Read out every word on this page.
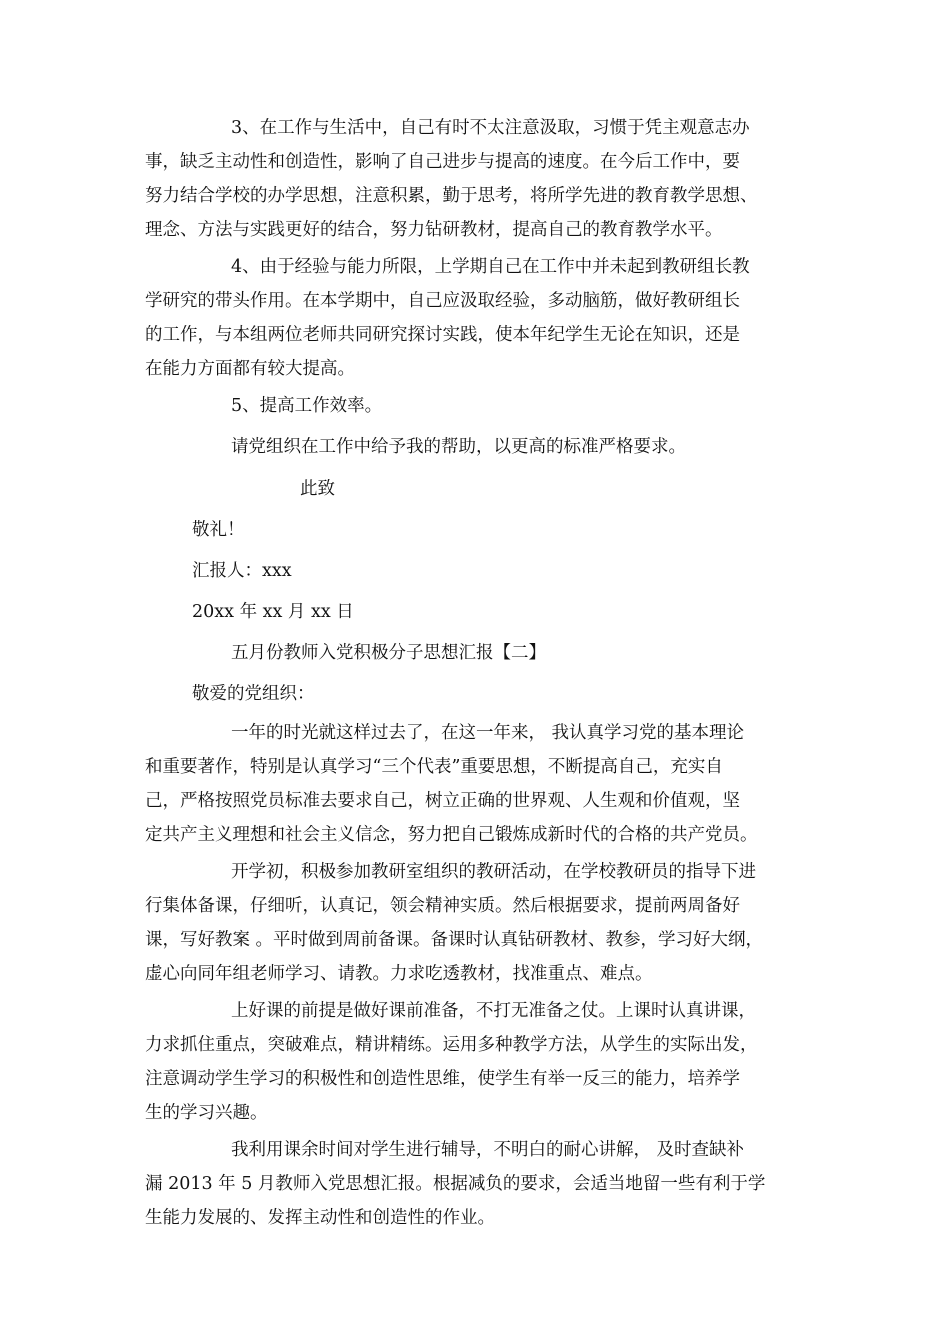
3、在工作与生活中，自己有时不太注意汲取，习惯于凭主观意志办
事，缺乏主动性和创造性，影响了自己进步与提高的速度。在今后工作中，要
努力结合学校的办学思想，注意积累，勤于思考，将所学先进的教育教学思想、
理念、方法与实践更好的结合，努力钻研教材，提高自己的教育教学水平。
4、由于经验与能力所限，上学期自己在工作中并未起到教研组长教
学研究的带头作用。在本学期中，自己应汲取经验，多动脑筋，做好教研组长
的工作，与本组两位老师共同研究探讨实践，使本年纪学生无论在知识，还是
在能力方面都有较大提高。

5、提高工作效率。

请党组织在工作中给予我的帮助，以更高的标准严格要求。

此致

敬礼！

汇报人：xxx

20xx 年 xx 月 xx 日

五月份教师入党积极分子思想汇报【二】

敬爱的党组织：

一年的时光就这样过去了，在这一年来， 我认真学习党的基本理论
和重要著作，特别是认真学习“三个代表”重要思想，不断提高自己，充实自
己，严格按照党员标准去要求自己，树立正确的世界观、人生观和价值观，坚
定共产主义理想和社会主义信念，努力把自己锻炼成新时代的合格的共产党员。
开学初，积极参加教研室组织的教研活动，在学校教研员的指导下进
行集体备课，仔细听，认真记，领会精神实质。然后根据要求，提前两周备好
课，写好教案 。平时做到周前备课。备课时认真钻研教材、教参，学习好大纲，
虚心向同年组老师学习、请教。力求吃透教材，找准重点、难点。
上好课的前提是做好课前准备，不打无准备之仗。上课时认真讲课，
力求抓住重点，突破难点，精讲精练。运用多种教学方法，从学生的实际出发，
注意调动学生学习的积极性和创造性思维，使学生有举一反三的能力，培养学
生的学习兴趣。
我利用课余时间对学生进行辅导，不明白的耐心讲解， 及时查缺补
漏 2013 年 5 月教师入党思想汇报。根据减负的要求，会适当地留一些有利于学
生能力发展的、发挥主动性和创造性的作业。
